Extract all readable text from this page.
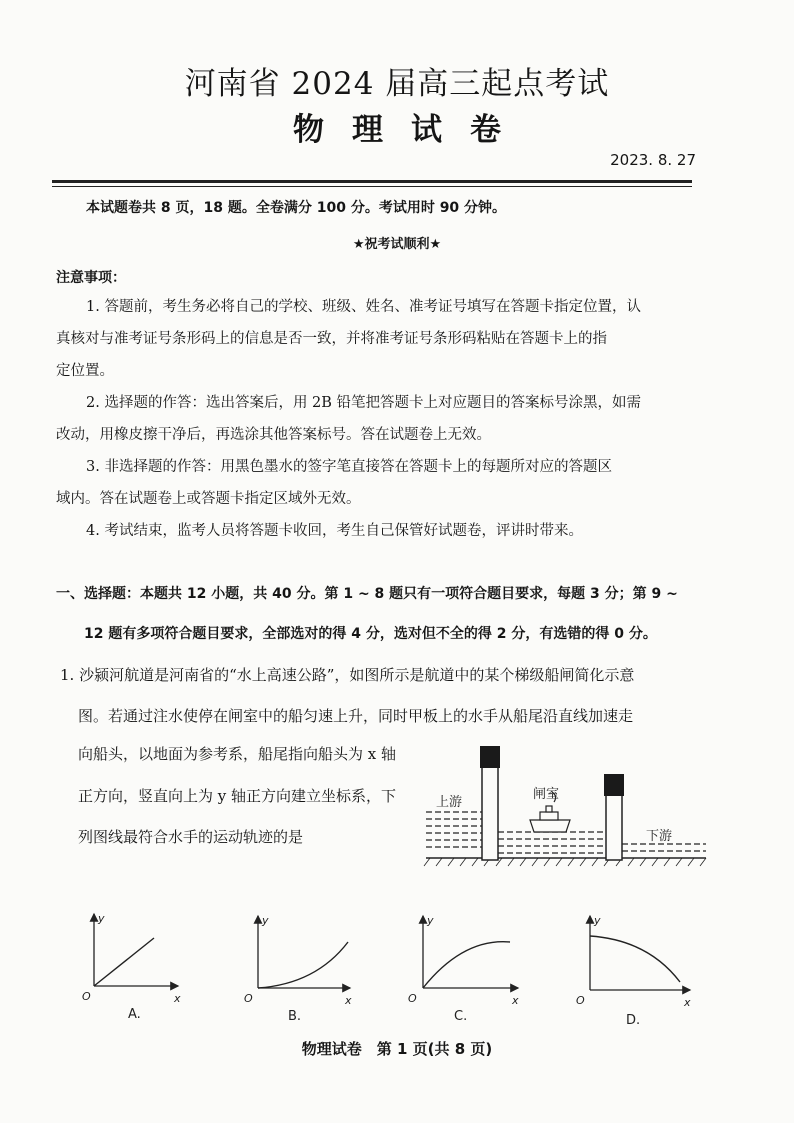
河南省 2024 届高三起点考试
物理试卷
2023. 8. 27
本试题卷共 8 页，18 题。全卷满分 100 分。考试用时 90 分钟。
★祝考试顺利★
注意事项：
1. 答题前，考生务必将自己的学校、班级、姓名、准考证号填写在答题卡指定位置，认
真核对与准考证号条形码上的信息是否一致，并将准考证号条形码粘贴在答题卡上的指
定位置。
2. 选择题的作答：选出答案后，用 2B 铅笔把答题卡上对应题目的答案标号涂黑，如需
改动，用橡皮擦干净后，再选涂其他答案标号。答在试题卷上无效。
3. 非选择题的作答：用黑色墨水的签字笔直接答在答题卡上的每题所对应的答题区
域内。答在试题卷上或答题卡指定区域外无效。
4. 考试结束，监考人员将答题卡收回，考生自己保管好试题卷，评讲时带来。
一、选择题：本题共 12 小题，共 40 分。第 1 ~ 8 题只有一项符合题目要求，每题 3 分；第 9 ~
12 题有多项符合题目要求，全部选对的得 4 分，选对但不全的得 2 分，有选错的得 0 分。
1. 沙颍河航道是河南省的“水上高速公路”，如图所示是航道中的某个梯级船闸简化示意
图。若通过注水使停在闸室中的船匀速上升，同时甲板上的水手从船尾沿直线加速走
向船头，以地面为参考系，船尾指向船头为 x 轴
正方向，竖直向上为 y 轴正方向建立坐标系，下
列图线最符合水手的运动轨迹的是
上游
闸室
下游
y
x
O
A.
y
x
O
B.
y
x
O
C.
y
x
O
D.
物理试卷　第 1 页(共 8 页)
